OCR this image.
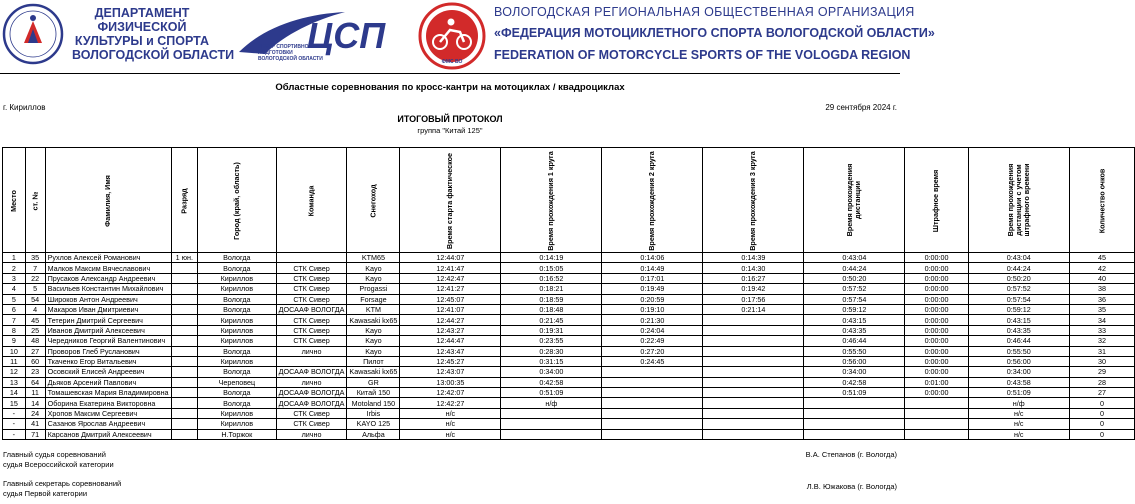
ДЕПАРТАМЕНТ
ФИЗИЧЕСКОЙ
КУЛЬТУРЫ и СПОРТА
ВОЛОГОДСКОЙ ОБЛАСТИ ЦСП
ЦЕНТР СПОРТИВНОЙ
ПОДГОТОВКИ
ВОЛОГОДСКОЙ ОБЛАСТИ	ФМС ВО
ВОЛОГОДСКАЯ РЕГИОНАЛЬНАЯ ОБЩЕСТВЕННАЯ ОРГАНИЗАЦИЯ
«ФЕДЕРАЦИЯ МОТОЦИКЛЕТНОГО СПОРТА ВОЛОГОДСКОЙ ОБЛАСТИ»
FEDERATION OF MOTORCYCLE SPORTS OF THE VOLOGDA REGION
Областные соревнования по кросс-кантри на мотоциклах / квадроциклах
г. Кириллов	29 сентября 2024 г.
ИТОГОВЫЙ ПРОТОКОЛ
группа "Китай 125"
Место	ст. №	Фамилия, Имя	Разряд	Город (край, область)	Команда	Снегоход	Время старта фактическое	Время прохождения 1 круга	Время прохождения 2 круга	Время прохождения 3 круга	Время прохождения дистанции	Штрафное время	Время прохождения дистанции с учетом штрафного времени	Количество очков
1	35	Рухлов Алексей Романович	1 юн.	Вологда		KTM65	12:44:07	0:14:19	0:14:06	0:14:39	0:43:04	0:00:00	0:43:04	45
2	7	Малков Максим Вячеславович		Вологда	СТК Сивер	Kayo	12:41:47	0:15:05	0:14:49	0:14:30	0:44:24	0:00:00	0:44:24	42
3	22	Прусаков Александр Андреевич		Кириллов	СТК Сивер	Kayo	12:42:47	0:16:52	0:17:01	0:16:27	0:50:20	0:00:00	0:50:20	40
4	5	Васильев Константин Михайлович		Кириллов	СТК Сивер	Progassi	12:41:27	0:18:21	0:19:49	0:19:42	0:57:52	0:00:00	0:57:52	38
5	54	Широков Антон Андреевич		Вологда	СТК Сивер	Forsage	12:45:07	0:18:59	0:20:59	0:17:56	0:57:54	0:00:00	0:57:54	36
6	4	Макаров Иван Дмитриевич		Вологда	ДОСААФ ВОЛОГДА	KTM	12:41:07	0:18:48	0:19:10	0:21:14	0:59:12	0:00:00	0:59:12	35
7	45	Тетерин Дмитрий Сергеевич		Кириллов	СТК Сивер	Kawasaki kx65	12:44:27	0:21:45	0:21:30		0:43:15	0:00:00	0:43:15	34
8	25	Иванов Дмитрий Алексеевич		Кириллов	СТК Сивер	Kayo	12:43:27	0:19:31	0:24:04		0:43:35	0:00:00	0:43:35	33
9	48	Чередников Георгий Валентинович		Кириллов	СТК Сивер	Kayo	12:44:47	0:23:55	0:22:49		0:46:44	0:00:00	0:46:44	32
10	27	Проворов Глеб Русланович		Вологда	лично	Kayo	12:43:47	0:28:30	0:27:20		0:55:50	0:00:00	0:55:50	31
11	60	Ткаченко Егор Витальевич		Кириллов		Пилот	12:45:27	0:31:15	0:24:45		0:56:00	0:00:00	0:56:00	30
12	23	Осовский Елисей Андреевич		Вологда	ДОСААФ ВОЛОГДА	Kawasaki kx65	12:43:07	0:34:00			0:34:00	0:00:00	0:34:00	29
13	64	Дьяков Арсений Павлович		Череповец	лично	GR	13:00:35	0:42:58			0:42:58	0:01:00	0:43:58	28
14	11	Томашевская Мария Владимировна		Вологда	ДОСААФ ВОЛОГДА	Китай 150	12:42:07	0:51:09			0:51:09	0:00:00	0:51:09	27
15	14	Оборина Екатерина Викторовна		Вологда	ДОСААФ ВОЛОГДА	Motoland 150	12:42:27	н/ф					н/ф	0
-	24	Хропов Максим Сергеевич		Кириллов	СТК Сивер	Irbis	н/с						н/с	0
-	41	Сазанов Ярослав Андреевич		Кириллов	СТК Сивер	KAYO 125	н/с						н/с	0
-	71	Карсанов Дмитрий Алексеевич		Н.Торжок	лично	Альфа	н/с						н/с	0
Главный судья соревнований
судья Всероссийской категории
В.А. Степанов (г. Вологда)
Главный секретарь соревнований
судья Первой категории
Л.В. Южакова (г. Вологда)
